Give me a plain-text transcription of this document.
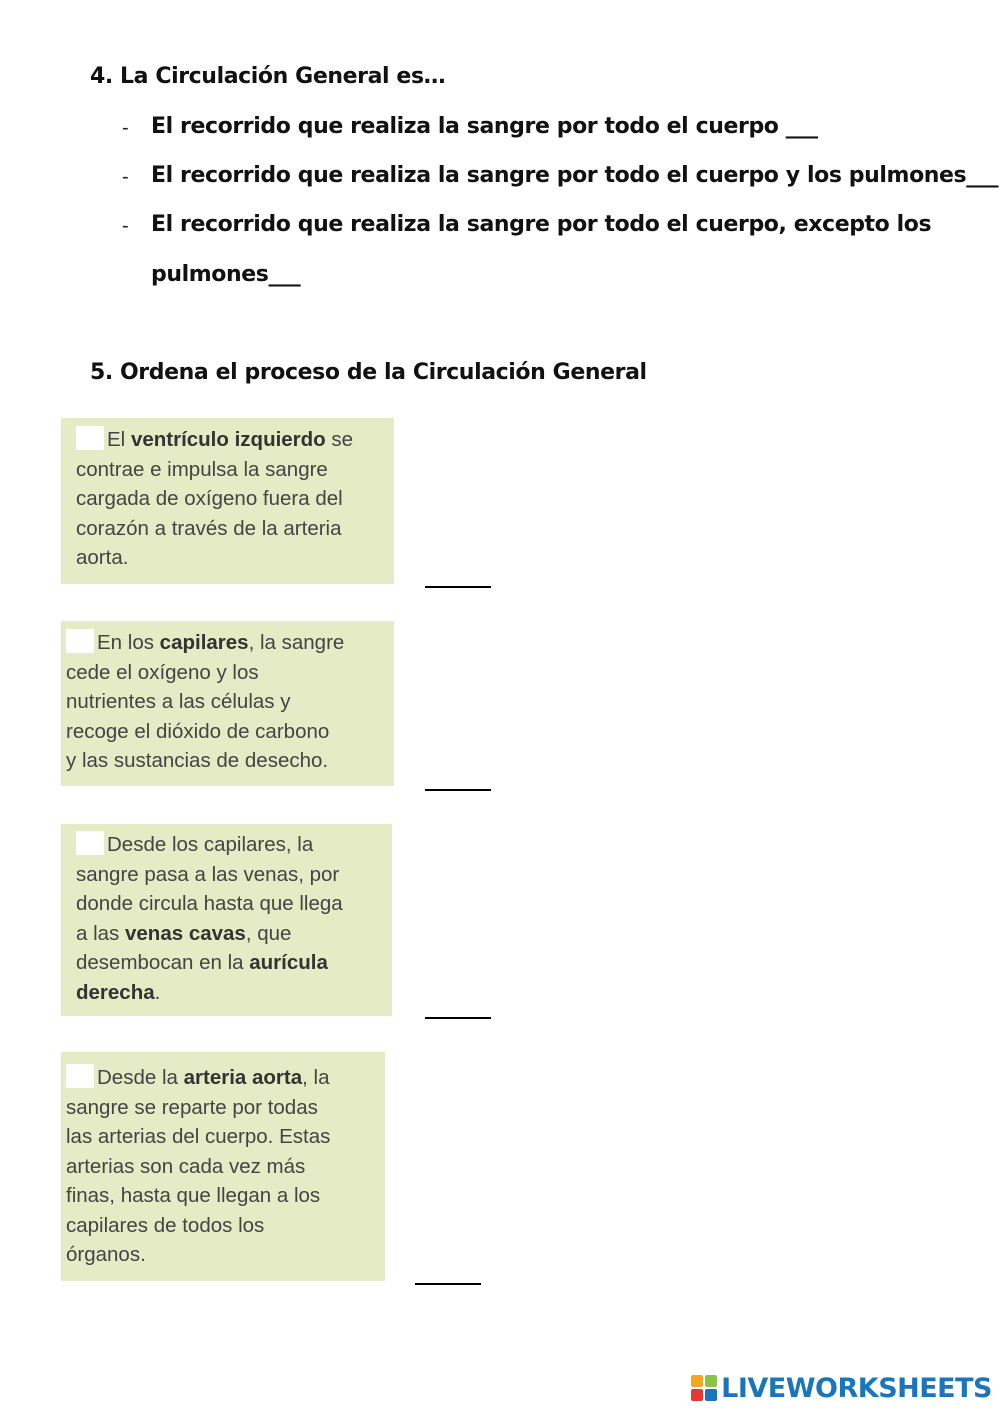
4. La Circulación General es…
- El recorrido que realiza la sangre por todo el cuerpo ___
- El recorrido que realiza la sangre por todo el cuerpo y los pulmones___
- El recorrido que realiza la sangre por todo el cuerpo, excepto los
pulmones___
5. Ordena el proceso de la Circulación General
El ventrículo izquierdo se
contrae e impulsa la sangre
cargada de oxígeno fuera del
corazón a través de la arteria
aorta.
En los capilares, la sangre
cede el oxígeno y los
nutrientes a las células y
recoge el dióxido de carbono
y las sustancias de desecho.
Desde los capilares, la
sangre pasa a las venas, por
donde circula hasta que llega
a las venas cavas, que
desembocan en la aurícula
derecha.
Desde la arteria aorta, la
sangre se reparte por todas
las arterias del cuerpo. Estas
arterias son cada vez más
finas, hasta que llegan a los
capilares de todos los
órganos.
LIVEWORKSHEETS
